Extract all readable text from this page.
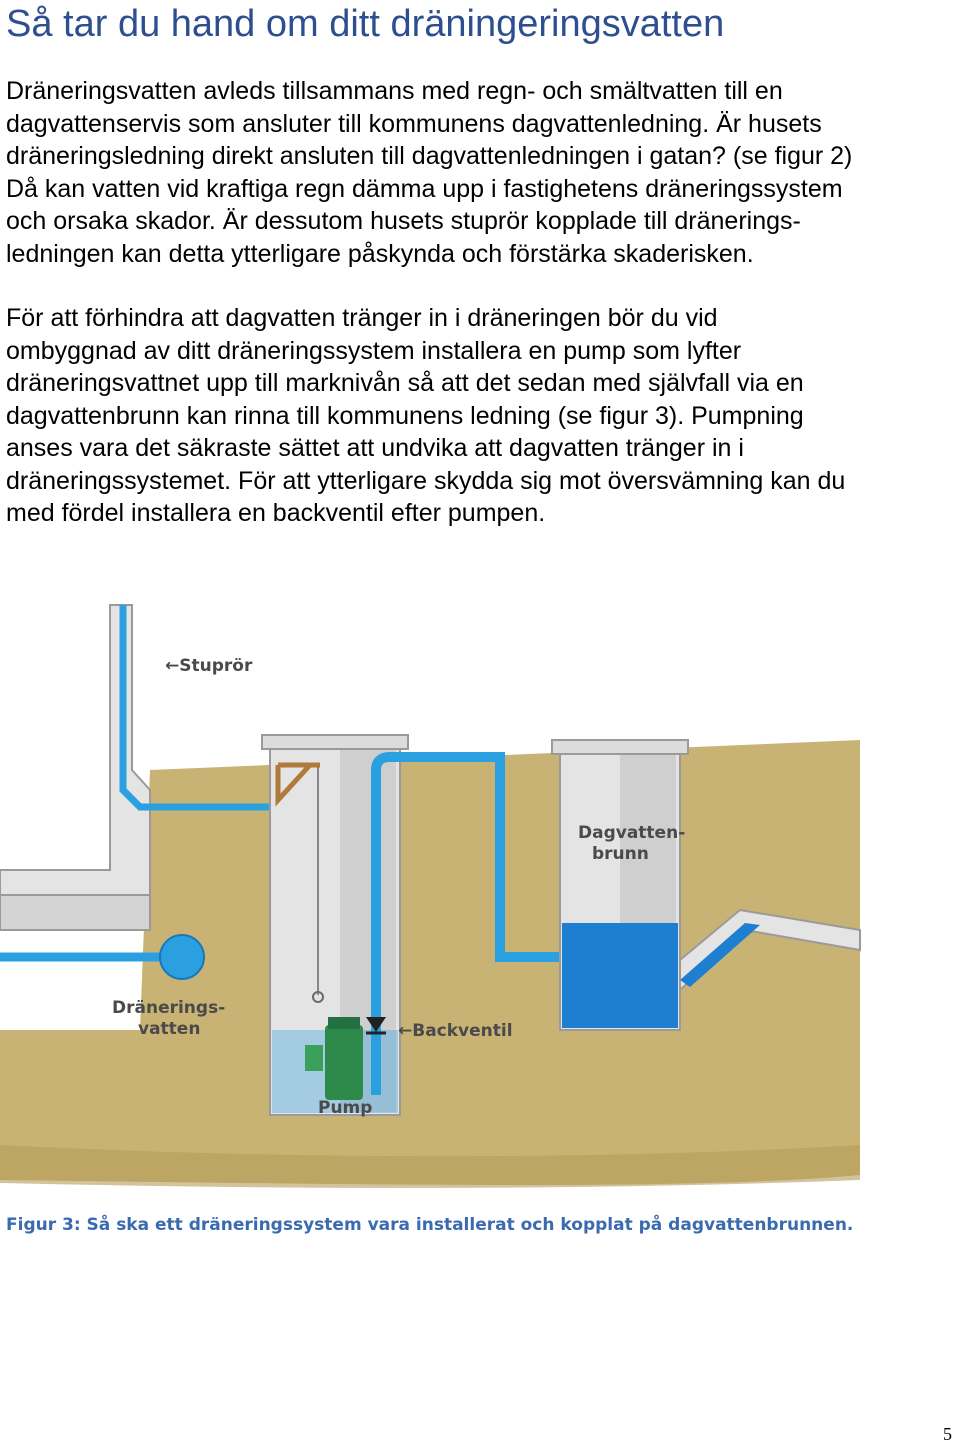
Så tar du hand om ditt dräningeringsvatten

Dräneringsvatten avleds tillsammans med regn- och smältvatten till en
dagvattenservis som ansluter till kommunens dagvattenledning. Är husets
dräneringsledning direkt ansluten till dagvattenledningen i gatan? (se figur 2)
Då kan vatten vid kraftiga regn dämma upp i fastighetens dräneringssystem
och orsaka skador. Är dessutom husets stuprör kopplade till dränerings-
ledningen kan detta ytterligare påskynda och förstärka skaderisken.

För att förhindra att dagvatten tränger in i dräneringen bör du vid
ombyggnad av ditt dräneringssystem installera en pump som lyfter
dräneringsvattnet upp till marknivån så att det sedan med självfall via en
dagvattenbrunn kan rinna till kommunens ledning (se figur 3). Pumpning
anses vara det säkraste sättet att undvika att dagvatten tränger in i
dräneringssystemet. För att ytterligare skydda sig mot översvämning kan du
med fördel installera en backventil efter pumpen.

←Stuprör
Dagvatten-
brunn
Dränerings-
vatten	←Backventil
Pump

Figur 3: Så ska ett dräneringssystem vara installerat och kopplat på dagvattenbrunnen.

5
